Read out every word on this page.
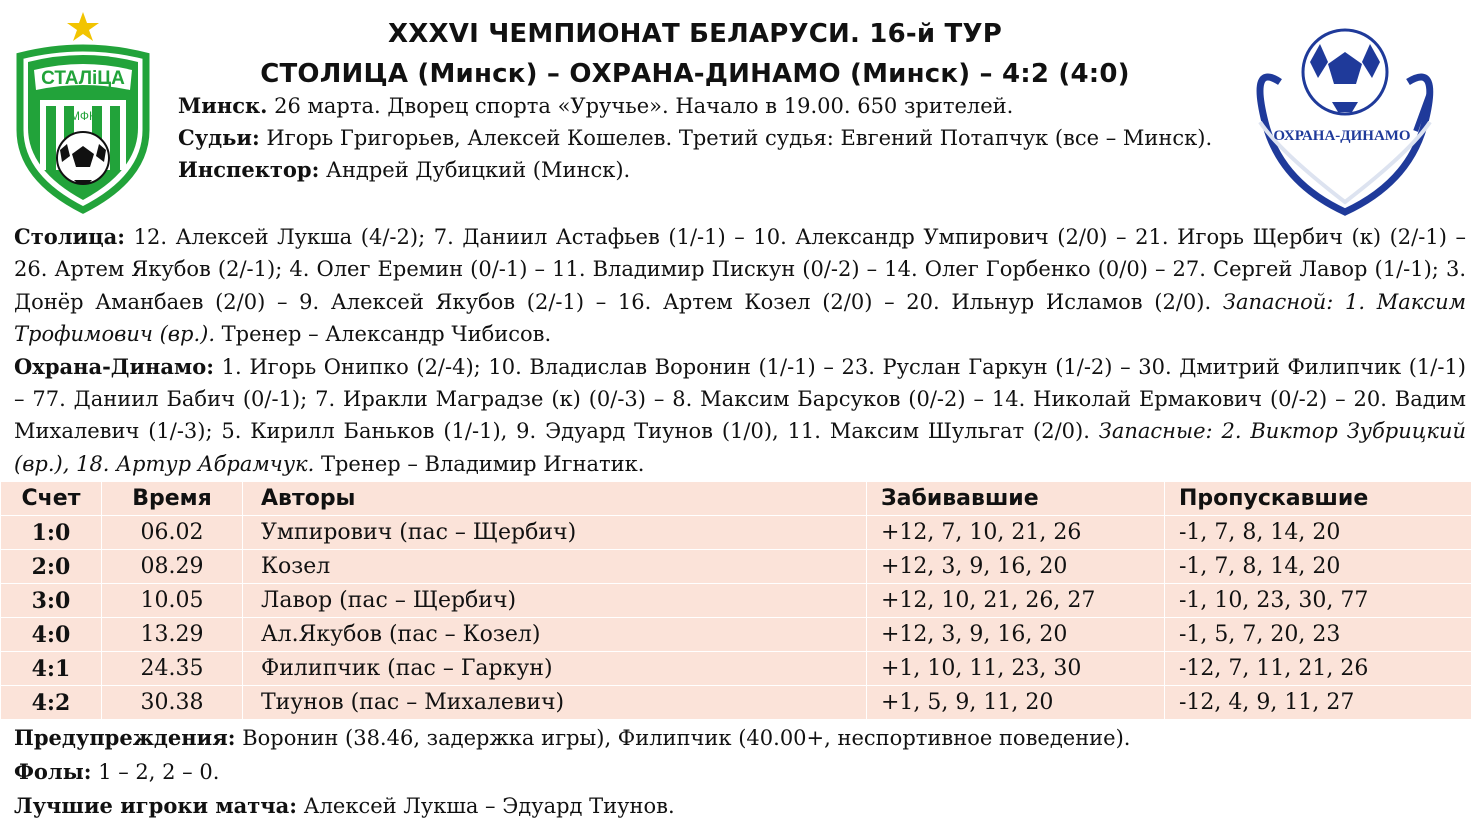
СТАЛiЦА
МФК
ОХРАНА-ДИНАМО
XXXVI ЧЕМПИОНАТ БЕЛАРУСИ. 16-й ТУР
СТОЛИЦА (Минск) – ОХРАНА-ДИНАМО (Минск) – 4:2 (4:0)

Минск. 26 марта. Дворец спорта «Уручье». Начало в 19.00. 650 зрителей.

Судьи: Игорь Григорьев, Алексей Кошелев. Третий судья: Евгений Потапчук (все – Минск).

Инспектор: Андрей Дубицкий (Минск).

Столица: 12. Алексей Лукша (4/-2); 7. Даниил Астафьев (1/-1) – 10. Александр Умпирович (2/0) – 21. Игорь Щербич (к) (2/-1) – 26. Артем Якубов (2/-1); 4. Олег Еремин (0/-1) – 11. Владимир Пискун (0/-2) – 14. Олег Горбенко (0/0) – 27. Сергей Лавор (1/-1); 3. Донёр Аманбаев (2/0) – 9. Алексей Якубов (2/-1) – 16. Артем Козел (2/0) – 20. Ильнур Исламов (2/0). Запасной: 1. Максим Трофимович (вр.). Тренер – Александр Чибисов.

Охрана-Динамо: 1. Игорь Онипко (2/-4); 10. Владислав Воронин (1/-1) – 23. Руслан Гаркун (1/-2) – 30. Дмитрий Филипчик (1/-1) – 77. Даниил Бабич (0/-1); 7. Иракли Маградзе (к) (0/-3) – 8. Максим Барсуков (0/-2) – 14. Николай Ермакович (0/-2) – 20. Вадим Михалевич (1/-3); 5. Кирилл Баньков (1/-1), 9. Эдуард Тиунов (1/0), 11. Максим Шульгат (2/0). Запасные: 2. Виктор Зубрицкий (вр.), 18. Артур Абрамчук. Тренер – Владимир Игнатик.

Счет	Время	Авторы	Забивавшие	Пропускавшие
1:0	06.02	Умпирович (пас – Щербич)	+12, 7, 10, 21, 26	-1, 7, 8, 14, 20
2:0	08.29	Козел	+12, 3, 9, 16, 20	-1, 7, 8, 14, 20
3:0	10.05	Лавор (пас – Щербич)	+12, 10, 21, 26, 27	-1, 10, 23, 30, 77
4:0	13.29	Ал.Якубов (пас – Козел)	+12, 3, 9, 16, 20	-1, 5, 7, 20, 23
4:1	24.35	Филипчик (пас – Гаркун)	+1, 10, 11, 23, 30	-12, 7, 11, 21, 26
4:2	30.38	Тиунов (пас – Михалевич)	+1, 5, 9, 11, 20	-12, 4, 9, 11, 27

Предупреждения: Воронин (38.46, задержка игры), Филипчик (40.00+, неспортивное поведение).

Фолы: 1 – 2, 2 – 0.

Лучшие игроки матча: Алексей Лукша – Эдуард Тиунов.
